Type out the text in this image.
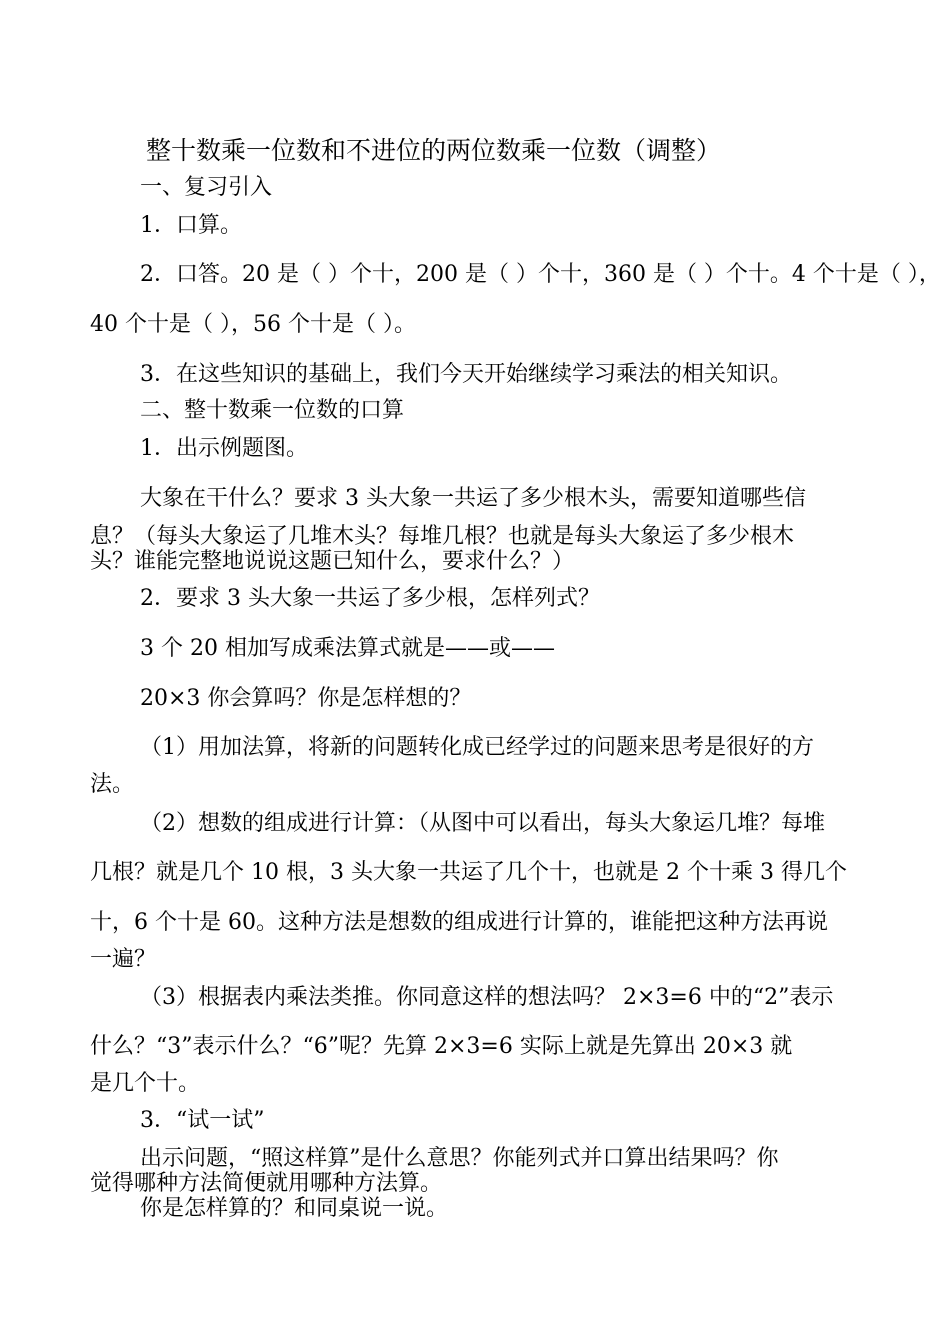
整十数乘一位数和不进位的两位数乘一位数（调整）
一、复习引入
1．口算。
2．口答。20 是（ ）个十，200 是（ ）个十，360 是（ ）个十。4 个十是（ ），
40 个十是（ ），56 个十是（ ）。
3．在这些知识的基础上，我们今天开始继续学习乘法的相关知识。
二、整十数乘一位数的口算
1．出示例题图。
大象在干什么？要求 3 头大象一共运了多少根木头，需要知道哪些信
息？（每头大象运了几堆木头？每堆几根？也就是每头大象运了多少根木
头？谁能完整地说说这题已知什么，要求什么？）
2．要求 3 头大象一共运了多少根，怎样列式？
3 个 20 相加写成乘法算式就是——或——
20×3 你会算吗？你是怎样想的？
（1）用加法算，将新的问题转化成已经学过的问题来思考是很好的方
法。
（2）想数的组成进行计算：（从图中可以看出，每头大象运几堆？每堆
几根？就是几个 10 根，3 头大象一共运了几个十，也就是 2 个十乘 3 得几个
十，6 个十是 60。这种方法是想数的组成进行计算的，谁能把这种方法再说
一遍？
（3）根据表内乘法类推。你同意这样的想法吗？ 2×3=6 中的“2”表示
什么？“3”表示什么？“6”呢？先算 2×3=6 实际上就是先算出 20×3 就
是几个十。
3．“试一试”
出示问题，“照这样算”是什么意思？你能列式并口算出结果吗？你
觉得哪种方法简便就用哪种方法算。
你是怎样算的？和同桌说一说。
